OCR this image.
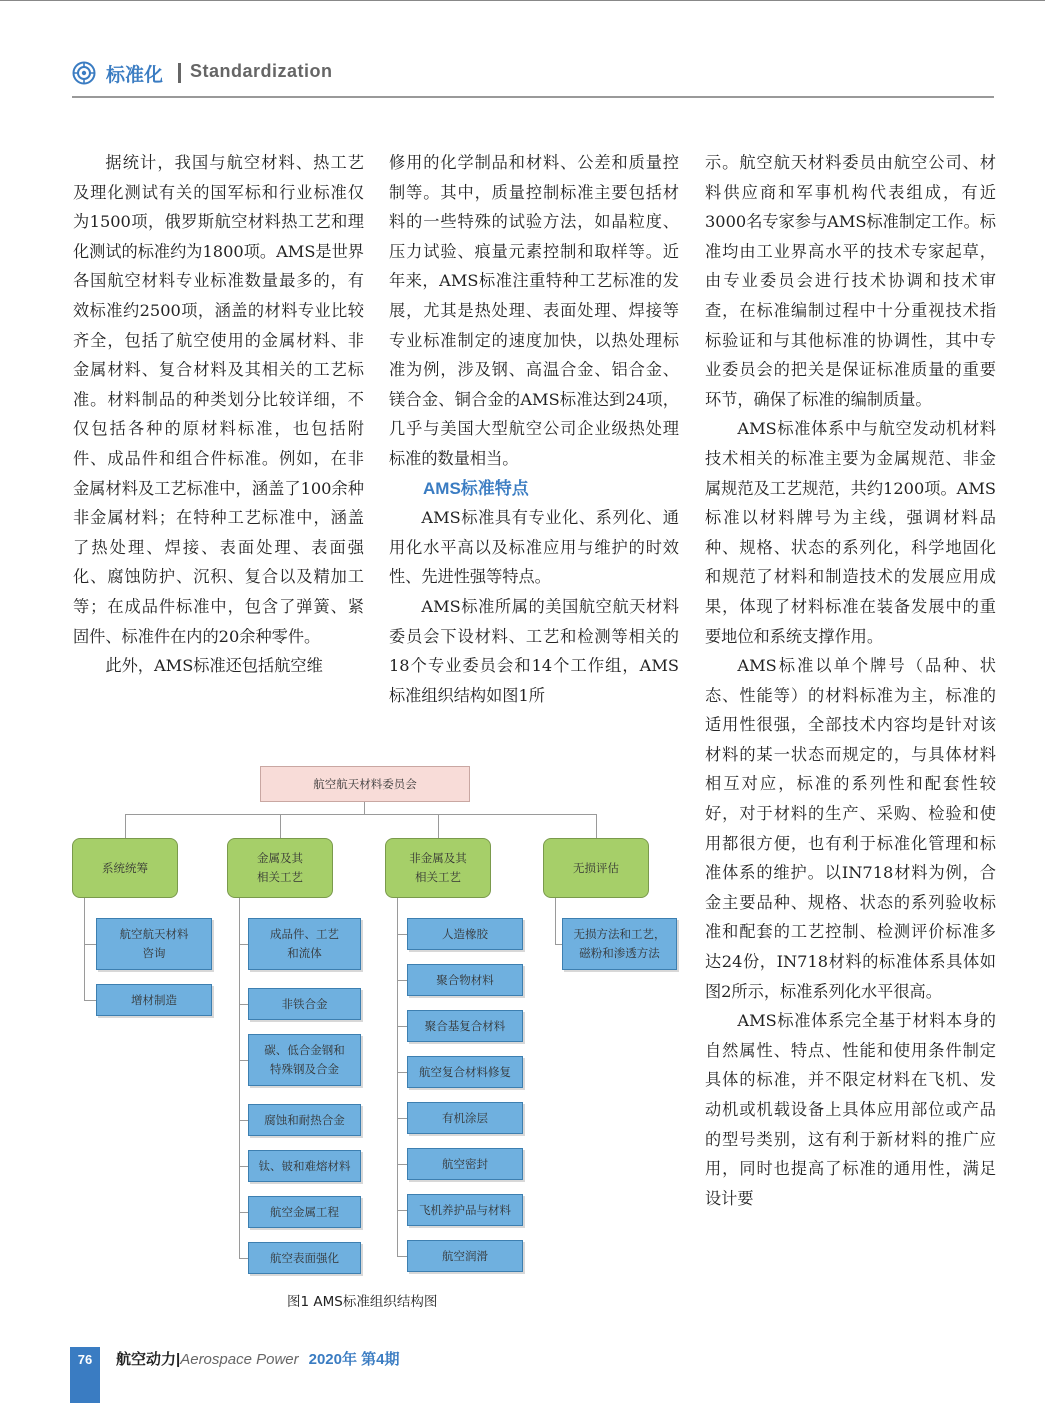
标准化 Standardization

据统计，我国与航空材料、热工艺及理化测试有关的国军标和行业标准仅为1500项，俄罗斯航空材料热工艺和理化测试的标准约为1800项。AMS是世界各国航空材料专业标准数量最多的，有效标准约2500项，涵盖的材料专业比较齐全，包括了航空使用的金属材料、非金属材料、复合材料及其相关的工艺标准。材料制品的种类划分比较详细，不仅包括各种的原材料标准，也包括附件、成品件和组合件标准。例如，在非金属材料及工艺标准中，涵盖了100余种非金属材料；在特种工艺标准中，涵盖了热处理、焊接、表面处理、表面强化、腐蚀防护、沉积、复合以及精加工等；在成品件标准中，包含了弹簧、紧固件、标准件在内的20余种零件。

此外，AMS标准还包括航空维

修用的化学制品和材料、公差和质量控制等。其中，质量控制标准主要包括材料的一些特殊的试验方法，如晶粒度、压力试验、痕量元素控制和取样等。近年来，AMS标准注重特种工艺标准的发展，尤其是热处理、表面处理、焊接等专业标准制定的速度加快，以热处理标准为例，涉及钢、高温合金、铝合金、镁合金、铜合金的AMS标准达到24项，几乎与美国大型航空公司企业级热处理标准的数量相当。

AMS标准特点

AMS标准具有专业化、系列化、通用化水平高以及标准应用与维护的时效性、先进性强等特点。

AMS标准所属的美国航空航天材料委员会下设材料、工艺和检测等相关的18个专业委员会和14个工作组，AMS标准组织结构如图1所

示。航空航天材料委员由航空公司、材料供应商和军事机构代表组成，有近3000名专家参与AMS标准制定工作。标准均由工业界高水平的技术专家起草，由专业委员会进行技术协调和技术审查，在标准编制过程中十分重视技术指标验证和与其他标准的协调性，其中专业委员会的把关是保证标准质量的重要环节，确保了标准的编制质量。

AMS标准体系中与航空发动机材料技术相关的标准主要为金属规范、非金属规范及工艺规范，共约1200项。AMS标准以材料牌号为主线，强调材料品种、规格、状态的系列化，科学地固化和规范了材料和制造技术的发展应用成果，体现了材料标准在装备发展中的重要地位和系统支撑作用。

AMS标准以单个牌号（品种、状态、性能等）的材料标准为主，标准的适用性很强，全部技术内容均是针对该材料的某一状态而规定的，与具体材料相互对应，标准的系列性和配套性较好，对于材料的生产、采购、检验和使用都很方便，也有利于标准化管理和标准体系的维护。以IN718材料为例，合金主要品种、规格、状态的系列验收标准和配套的工艺控制、检测评价标准多达24份，IN718材料的标准体系具体如图2所示，标准系列化水平很高。

AMS标准体系完全基于材料本身的自然属性、特点、性能和使用条件制定具体的标准，并不限定材料在飞机、发动机或机载设备上具体应用部位或产品的型号类别，这有利于新材料的推广应用，同时也提高了标准的通用性，满足设计要

航空航天材料委员会
系统统筹
航空航天材料
咨询
增材制造
金属及其
相关工艺
成品件、工艺
和流体
非铁合金
碳、低合金钢和
特殊钢及合金
腐蚀和耐热合金
钛、铍和难熔材料
航空金属工程
航空表面强化
非金属及其
相关工艺
人造橡胶
聚合物材料
聚合基复合材料
航空复合材料修复
有机涂层
航空密封
飞机养护品与材料
航空润滑
无损评估
无损方法和工艺，
磁粉和渗透方法
图1 AMS标准组织结构图
76	航空动力|Aerospace Power 2020年 第4期
